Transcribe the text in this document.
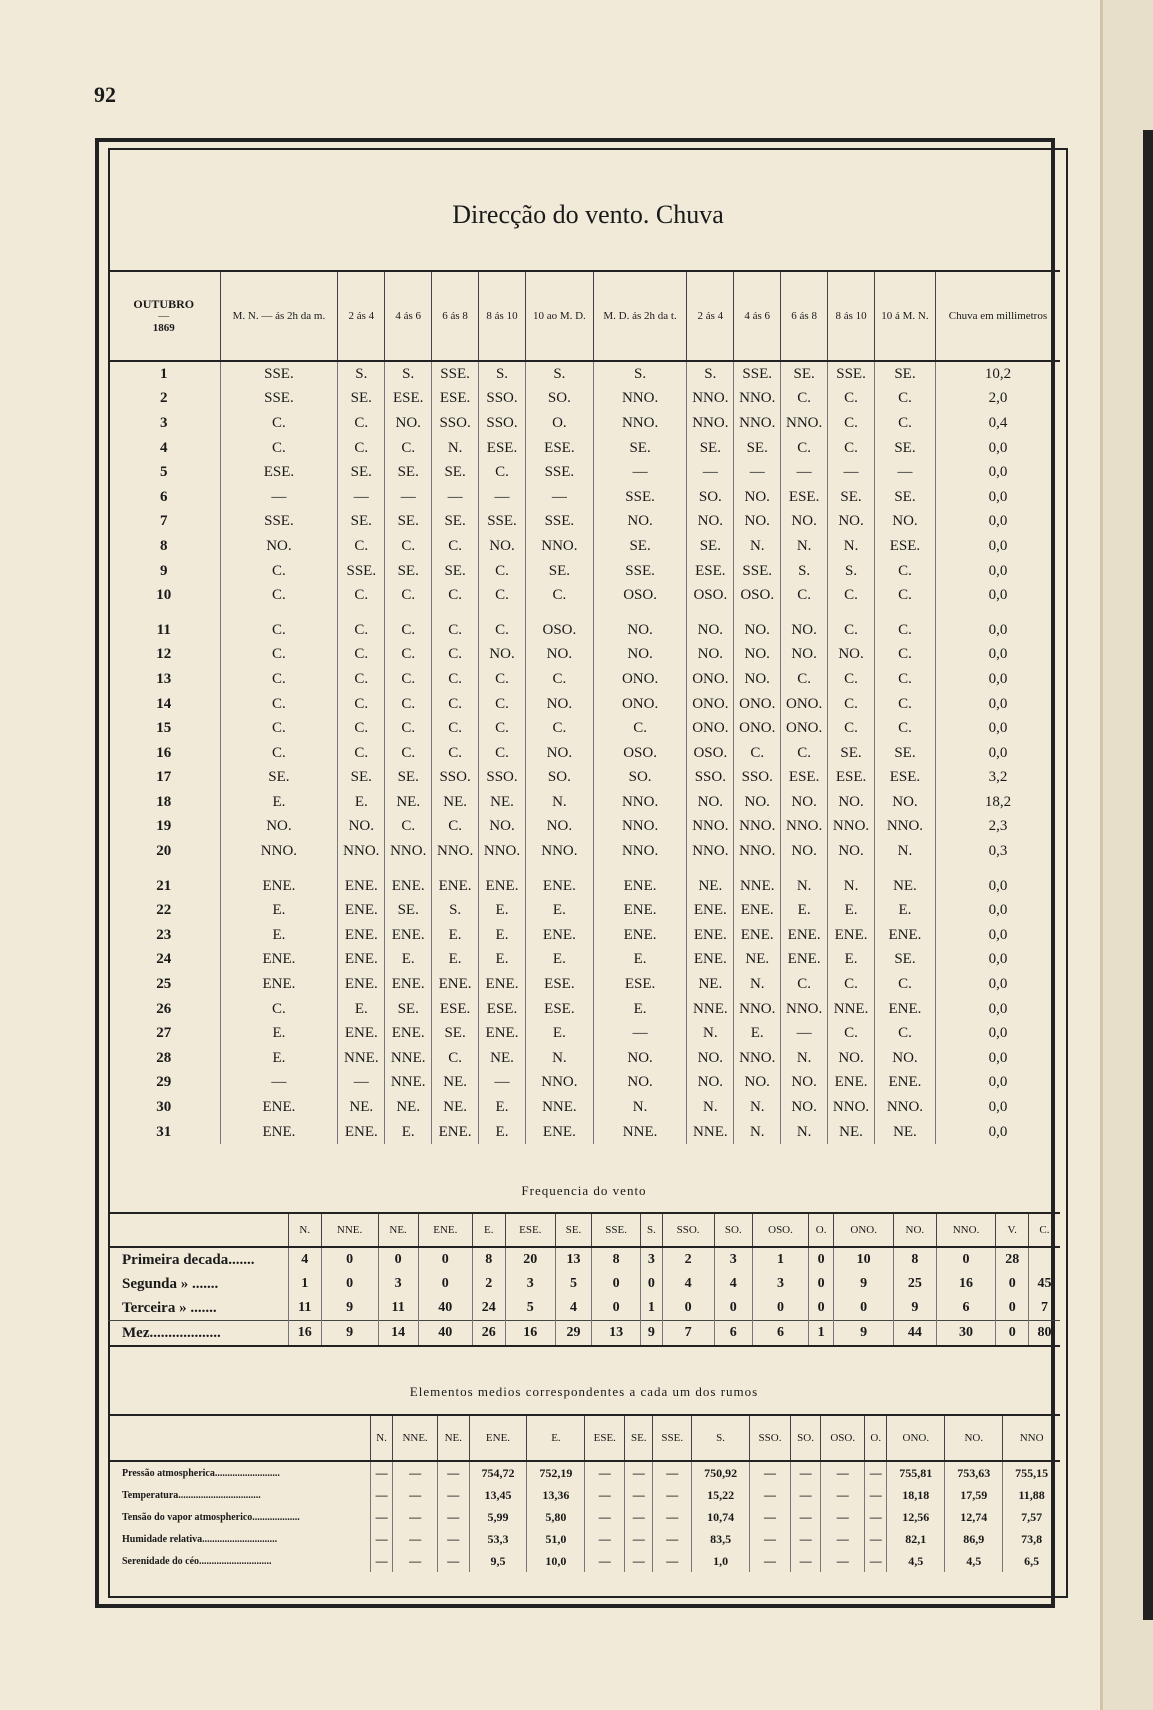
92
Direcção do vento. Chuva
OUTUBRO
—
1869	M. N. — ás 2h da m.	2 ás 4	4 ás 6	6 ás 8	8 ás 10	10 ao M. D.	M. D. ás 2h da t.	2 ás 4	4 ás 6	6 ás 8	8 ás 10	10 á M. N.	Chuva em millimetros
1	SSE.	S.	S.	SSE.	S.	S.	S.	S.	SSE.	SE.	SSE.	SE.	10,2
2	SSE.	SE.	ESE.	ESE.	SSO.	SO.	NNO.	NNO.	NNO.	C.	C.	C.	2,0
3	C.	C.	NO.	SSO.	SSO.	O.	NNO.	NNO.	NNO.	NNO.	C.	C.	0,4
4	C.	C.	C.	N.	ESE.	ESE.	SE.	SE.	SE.	C.	C.	SE.	0,0
5	ESE.	SE.	SE.	SE.	C.	SSE.	—	—	—	—	—	—	0,0
6	—	—	—	—	—	—	SSE.	SO.	NO.	ESE.	SE.	SE.	0,0
7	SSE.	SE.	SE.	SE.	SSE.	SSE.	NO.	NO.	NO.	NO.	NO.	NO.	0,0
8	NO.	C.	C.	C.	NO.	NNO.	SE.	SE.	N.	N.	N.	ESE.	0,0
9	C.	SSE.	SE.	SE.	C.	SE.	SSE.	ESE.	SSE.	S.	S.	C.	0,0
10	C.	C.	C.	C.	C.	C.	OSO.	OSO.	OSO.	C.	C.	C.	0,0

11	C.	C.	C.	C.	C.	OSO.	NO.	NO.	NO.	NO.	C.	C.	0,0
12	C.	C.	C.	C.	NO.	NO.	NO.	NO.	NO.	NO.	NO.	C.	0,0
13	C.	C.	C.	C.	C.	C.	ONO.	ONO.	NO.	C.	C.	C.	0,0
14	C.	C.	C.	C.	C.	NO.	ONO.	ONO.	ONO.	ONO.	C.	C.	0,0
15	C.	C.	C.	C.	C.	C.	C.	ONO.	ONO.	ONO.	C.	C.	0,0
16	C.	C.	C.	C.	C.	NO.	OSO.	OSO.	C.	C.	SE.	SE.	0,0
17	SE.	SE.	SE.	SSO.	SSO.	SO.	SO.	SSO.	SSO.	ESE.	ESE.	ESE.	3,2
18	E.	E.	NE.	NE.	NE.	N.	NNO.	NO.	NO.	NO.	NO.	NO.	18,2
19	NO.	NO.	C.	C.	NO.	NO.	NNO.	NNO.	NNO.	NNO.	NNO.	NNO.	2,3
20	NNO.	NNO.	NNO.	NNO.	NNO.	NNO.	NNO.	NNO.	NNO.	NO.	NO.	N.	0,3

21	ENE.	ENE.	ENE.	ENE.	ENE.	ENE.	ENE.	NE.	NNE.	N.	N.	NE.	0,0
22	E.	ENE.	SE.	S.	E.	E.	ENE.	ENE.	ENE.	E.	E.	E.	0,0
23	E.	ENE.	ENE.	E.	E.	ENE.	ENE.	ENE.	ENE.	ENE.	ENE.	ENE.	0,0
24	ENE.	ENE.	E.	E.	E.	E.	E.	ENE.	NE.	ENE.	E.	SE.	0,0
25	ENE.	ENE.	ENE.	ENE.	ENE.	ESE.	ESE.	NE.	N.	C.	C.	C.	0,0
26	C.	E.	SE.	ESE.	ESE.	ESE.	E.	NNE.	NNO.	NNO.	NNE.	ENE.	0,0
27	E.	ENE.	ENE.	SE.	ENE.	E.	—	N.	E.	—	C.	C.	0,0
28	E.	NNE.	NNE.	C.	NE.	N.	NO.	NO.	NNO.	N.	NO.	NO.	0,0
29	—	—	NNE.	NE.	—	NNO.	NO.	NO.	NO.	NO.	ENE.	ENE.	0,0
30	ENE.	NE.	NE.	NE.	E.	NNE.	N.	N.	N.	NO.	NNO.	NNO.	0,0
31	ENE.	ENE.	E.	ENE.	E.	ENE.	NNE.	NNE.	N.	N.	NE.	NE.	0,0
Frequencia do vento
	N.	NNE.	NE.	ENE.	E.	ESE.	SE.	SSE.	S.	SSO.	SO.	OSO.	O.	ONO.	NO.	NNO.	V.	C.
Primeira decada.......	4	0	0	0	8	20	13	8	3	2	3	1	0	10	8	0	28	
Segunda » .......	1	0	3	0	2	3	5	0	0	4	4	3	0	9	25	16	0	45
Terceira » .......	11	9	11	40	24	5	4	0	1	0	0	0	0	0	9	6	0	7
Mez...................	16	9	14	40	26	16	29	13	9	7	6	6	1	9	44	30	0	80
Elementos medios correspondentes a cada um dos rumos
	N.	NNE.	NE.	ENE.	E.	ESE.	SE.	SSE.	S.	SSO.	SO.	OSO.	O.	ONO.	NO.	NNO
Pressão atmospherica..........................	—	—	—	754,72	752,19	—	—	—	750,92	—	—	—	—	755,81	753,63	755,15
Temperatura.................................	—	—	—	13,45	13,36	—	—	—	15,22	—	—	—	—	18,18	17,59	11,88
Tensão do vapor atmospherico...................	—	—	—	5,99	5,80	—	—	—	10,74	—	—	—	—	12,56	12,74	7,57
Humidade relativa..............................	—	—	—	53,3	51,0	—	—	—	83,5	—	—	—	—	82,1	86,9	73,8
Serenidade do céo.............................	—	—	—	9,5	10,0	—	—	—	1,0	—	—	—	—	4,5	4,5	6,5
